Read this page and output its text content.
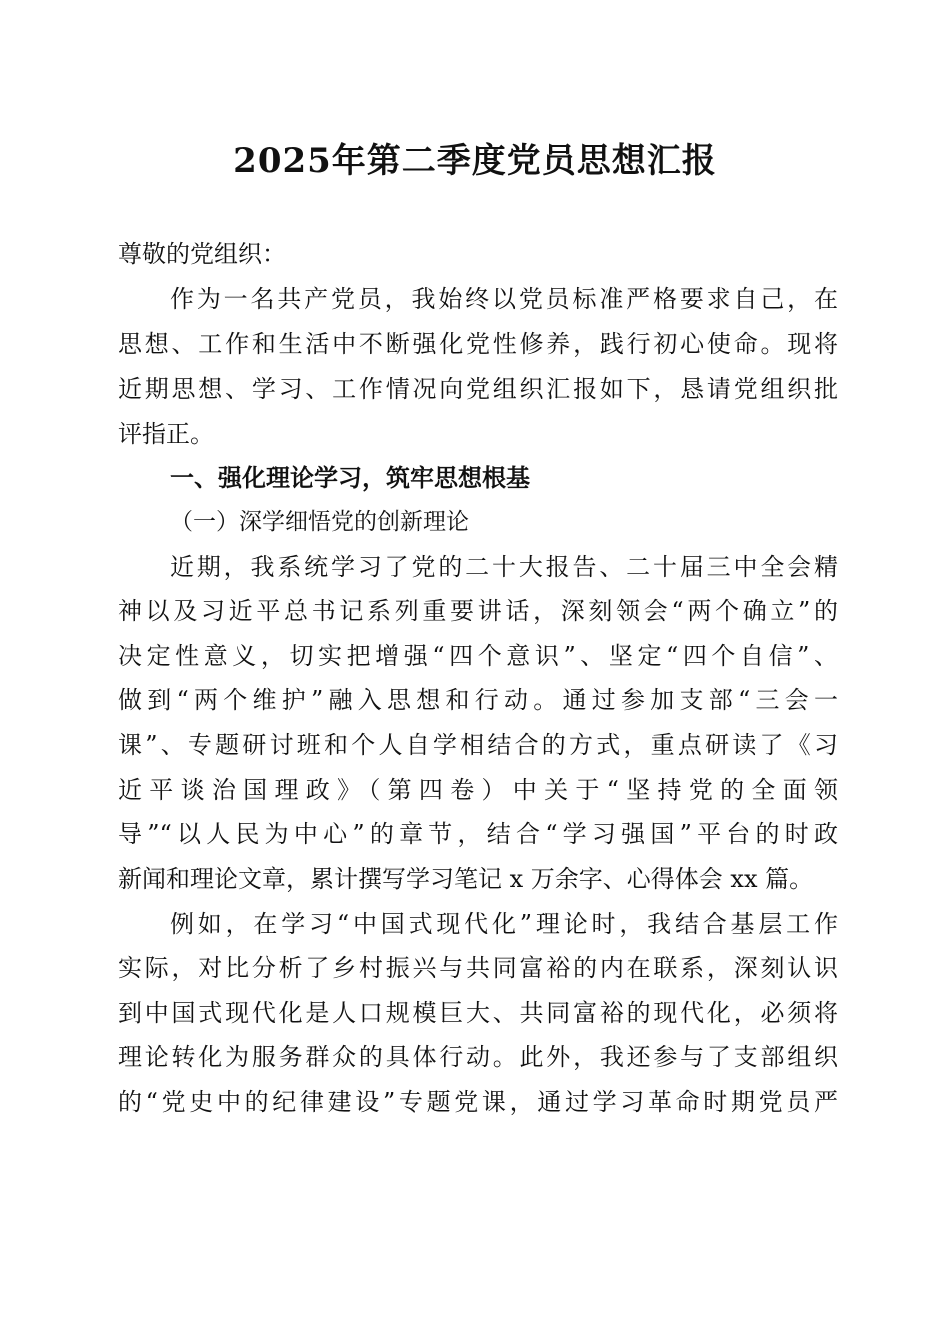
2025年第二季度党员思想汇报

尊敬的党组织：

作为一名共产党员，我始终以党员标准严格要求自己，在

思想、工作和生活中不断强化党性修养，践行初心使命。现将

近期思想、学习、工作情况向党组织汇报如下，恳请党组织批

评指正。

一、强化理论学习，筑牢思想根基

（一）深学细悟党的创新理论

近期，我系统学习了党的二十大报告、二十届三中全会精

神以及习近平总书记系列重要讲话，深刻领会“两个确立”的

决定性意义，切实把增强“四个意识”、坚定“四个自信”、

做到“两个维护”融入思想和行动。通过参加支部“三会一

课”、专题研讨班和个人自学相结合的方式，重点研读了《习

近平谈治国理政》（第四卷）中关于“坚持党的全面领

导”“以人民为中心”的章节，结合“学习强国”平台的时政

新闻和理论文章，累计撰写学习笔记 x 万余字、心得体会 xx 篇。

例如，在学习“中国式现代化”理论时，我结合基层工作

实际，对比分析了乡村振兴与共同富裕的内在联系，深刻认识

到中国式现代化是人口规模巨大、共同富裕的现代化，必须将

理论转化为服务群众的具体行动。此外，我还参与了支部组织

的“党史中的纪律建设”专题党课，通过学习革命时期党员严
